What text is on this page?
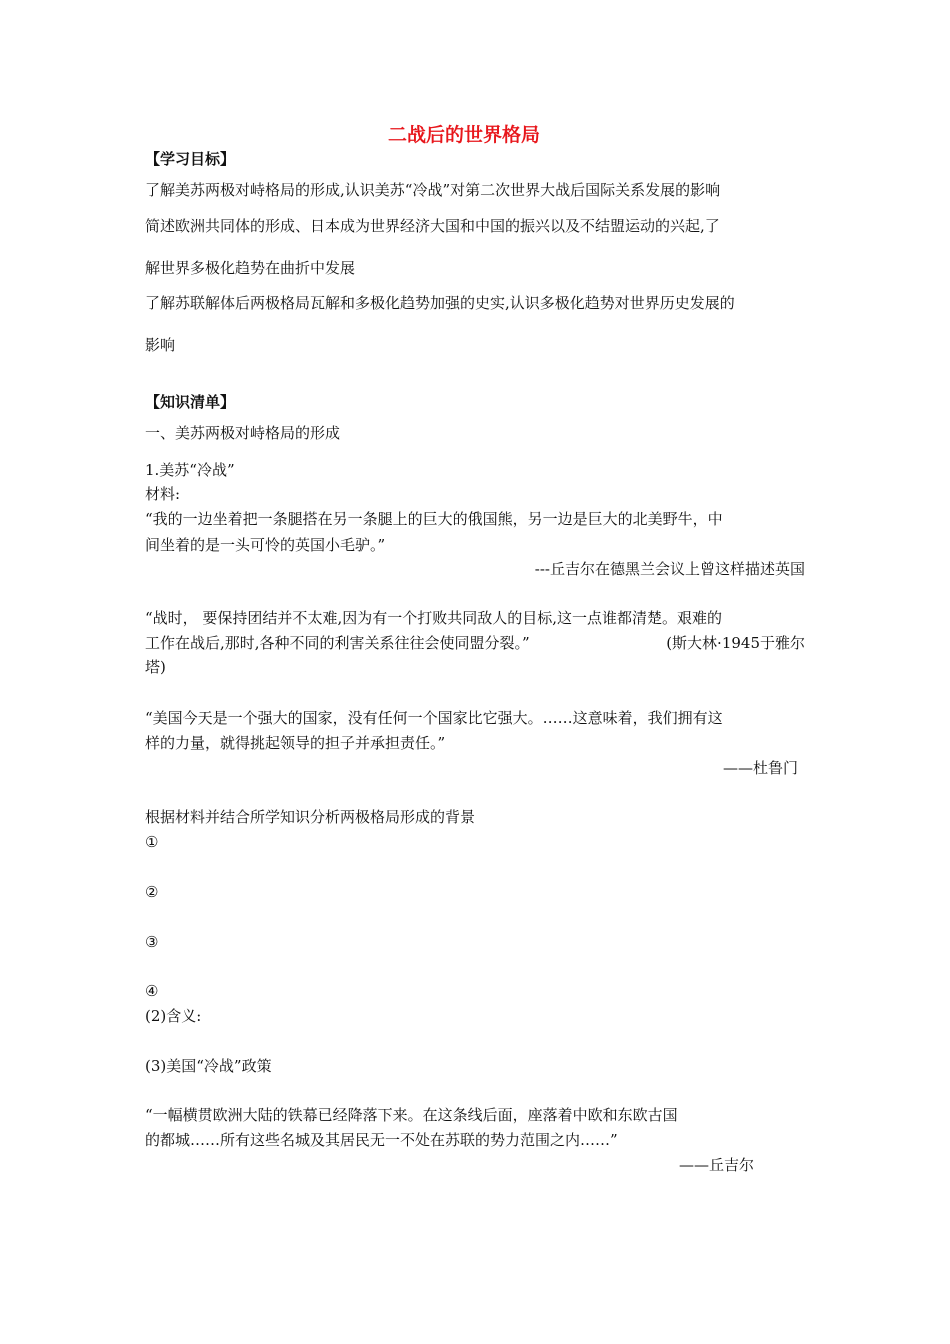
二战后的世界格局
【学习目标】
了解美苏两极对峙格局的形成,认识美苏“冷战”对第二次世界大战后国际关系发展的影响
简述欧洲共同体的形成、日本成为世界经济大国和中国的振兴以及不结盟运动的兴起,了
解世界多极化趋势在曲折中发展
了解苏联解体后两极格局瓦解和多极化趋势加强的史实,认识多极化趋势对世界历史发展的
影响
【知识清单】
一、美苏两极对峙格局的形成
1.美苏“冷战”
材料:
“我的一边坐着把一条腿搭在另一条腿上的巨大的俄国熊，另一边是巨大的北美野牛，中
间坐着的是一头可怜的英国小毛驴。”
---丘吉尔在德黑兰会议上曾这样描述英国
“战时， 要保持团结并不太难,因为有一个打败共同敌人的目标,这一点谁都清楚。艰难的
工作在战后,那时,各种不同的利害关系往往会使同盟分裂。”	(斯大林·1945于雅尔
塔)
“美国今天是一个强大的国家，没有任何一个国家比它强大。……这意味着，我们拥有这
样的力量，就得挑起领导的担子并承担责任。”
——杜鲁门
根据材料并结合所学知识分析两极格局形成的背景
①
②
③
④
(2)含义:
(3)美国“冷战”政策
“一幅横贯欧洲大陆的铁幕已经降落下来。在这条线后面，座落着中欧和东欧古国
的都城……所有这些名城及其居民无一不处在苏联的势力范围之内……”
——丘吉尔
